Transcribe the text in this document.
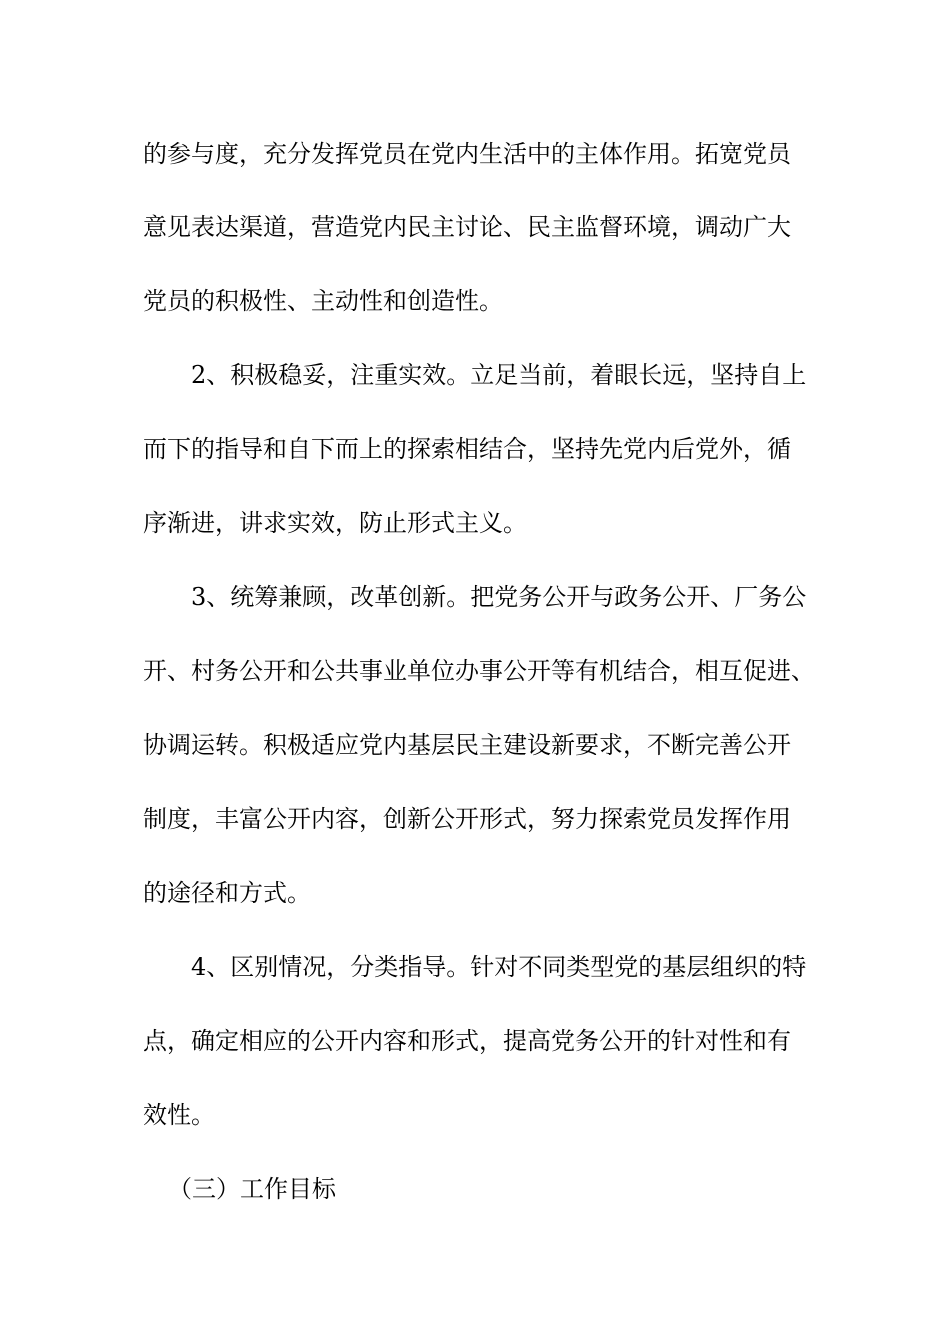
的参与度，充分发挥党员在党内生活中的主体作用。拓宽党员
意见表达渠道，营造党内民主讨论、民主监督环境，调动广大
党员的积极性、主动性和创造性。
2、积极稳妥，注重实效。立足当前，着眼长远，坚持自上
而下的指导和自下而上的探索相结合，坚持先党内后党外，循
序渐进，讲求实效，防止形式主义。
3、统筹兼顾，改革创新。把党务公开与政务公开、厂务公
开、村务公开和公共事业单位办事公开等有机结合，相互促进、
协调运转。积极适应党内基层民主建设新要求，不断完善公开
制度，丰富公开内容，创新公开形式，努力探索党员发挥作用
的途径和方式。
4、区别情况，分类指导。针对不同类型党的基层组织的特
点，确定相应的公开内容和形式，提高党务公开的针对性和有
效性。
（三）工作目标
